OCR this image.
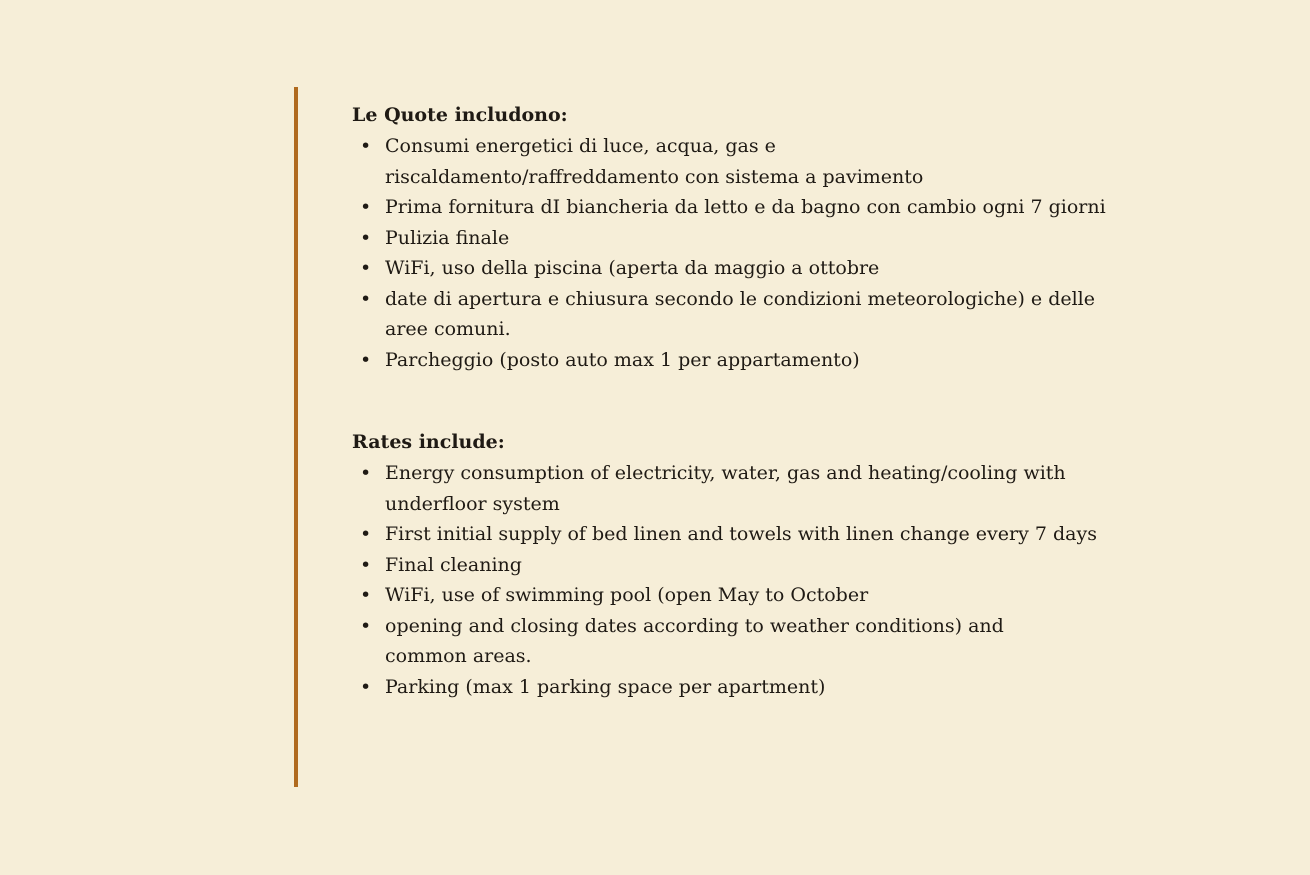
Le Quote includono:

• Consumi energetici di luce, acqua, gas e riscaldamento/raffreddamento con sistema a pavimento
• Prima fornitura dI biancheria da letto e da bagno con cambio ogni 7 giorni
• Pulizia finale
• WiFi, uso della piscina (aperta da maggio a ottobre
• date di apertura e chiusura secondo le condizioni meteorologiche) e delle aree comuni.
• Parcheggio (posto auto max 1 per appartamento)

Rates include:

• Energy consumption of electricity, water, gas and heating/cooling with underfloor system
• First initial supply of bed linen and towels with linen change every 7 days
• Final cleaning
• WiFi, use of swimming pool (open May to October
• opening and closing dates according to weather conditions) and common areas.
• Parking (max 1 parking space per apartment)
